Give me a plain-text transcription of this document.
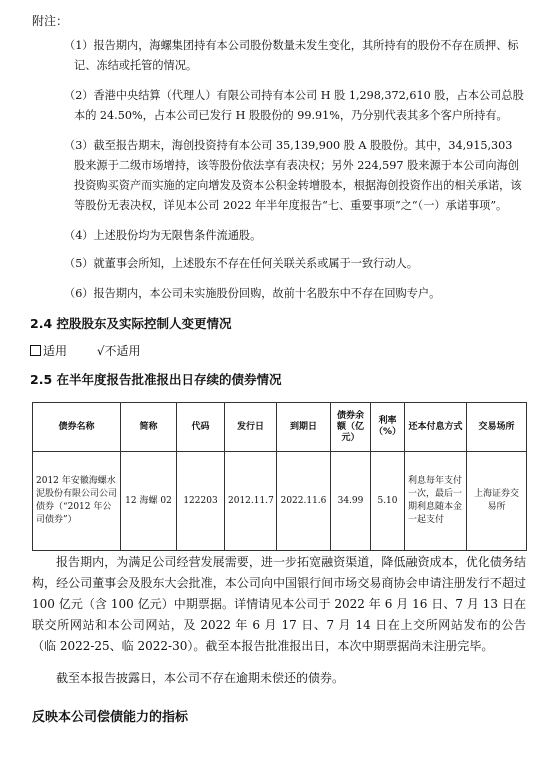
附注：
（1）报告期内，海螺集团持有本公司股份数量未发生变化，其所持有的股份不存在质押、标记、冻结或托管的情况。
（2）香港中央结算（代理人）有限公司持有本公司 H 股 1,298,372,610 股，占本公司总股本的 24.50%，占本公司已发行 H 股股份的 99.91%，乃分别代表其多个客户所持有。
（3）截至报告期末，海创投资持有本公司 35,139,900 股 A 股股份。其中，34,915,303 股来源于二级市场增持，该等股份依法享有表决权；另外 224,597 股来源于本公司向海创投资购买资产而实施的定向增发及资本公积金转增股本，根据海创投资作出的相关承诺，该等股份无表决权，详见本公司 2022 年半年度报告“七、重要事项”之“（一）承诺事项”。
（4）上述股份均为无限售条件流通股。
（5）就董事会所知，上述股东不存在任何关联关系或属于一致行动人。
（6）报告期内，本公司未实施股份回购，故前十名股东中不存在回购专户。
2.4 控股股东及实际控制人变更情况
适用 √不适用
2.5 在半年度报告批准报出日存续的债券情况
债券名称	简称	代码	发行日	到期日	债券余额（亿元）	利率（%）	还本付息方式	交易场所
2012 年安徽海螺水泥股份有限公司公司债券（“2012 年公司债券”）	12 海螺 02	122203	2012.11.7	2022.11.6	34.99	5.10	利息每年支付一次，最后一期利息随本金一起支付	上海证券交易所
报告期内，为满足公司经营发展需要，进一步拓宽融资渠道，降低融资成本，优化债务结构，经公司董事会及股东大会批准，本公司向中国银行间市场交易商协会申请注册发行不超过 100 亿元（含 100 亿元）中期票据。详情请见本公司于 2022 年 6 月 16 日、7 月 13 日在联交所网站和本公司网站，及 2022 年 6 月 17 日、7 月 14 日在上交所网站发布的公告（临 2022-25、临 2022-30）。截至本报告批准报出日，本次中期票据尚未注册完毕。
截至本报告披露日，本公司不存在逾期未偿还的债券。
反映本公司偿债能力的指标
